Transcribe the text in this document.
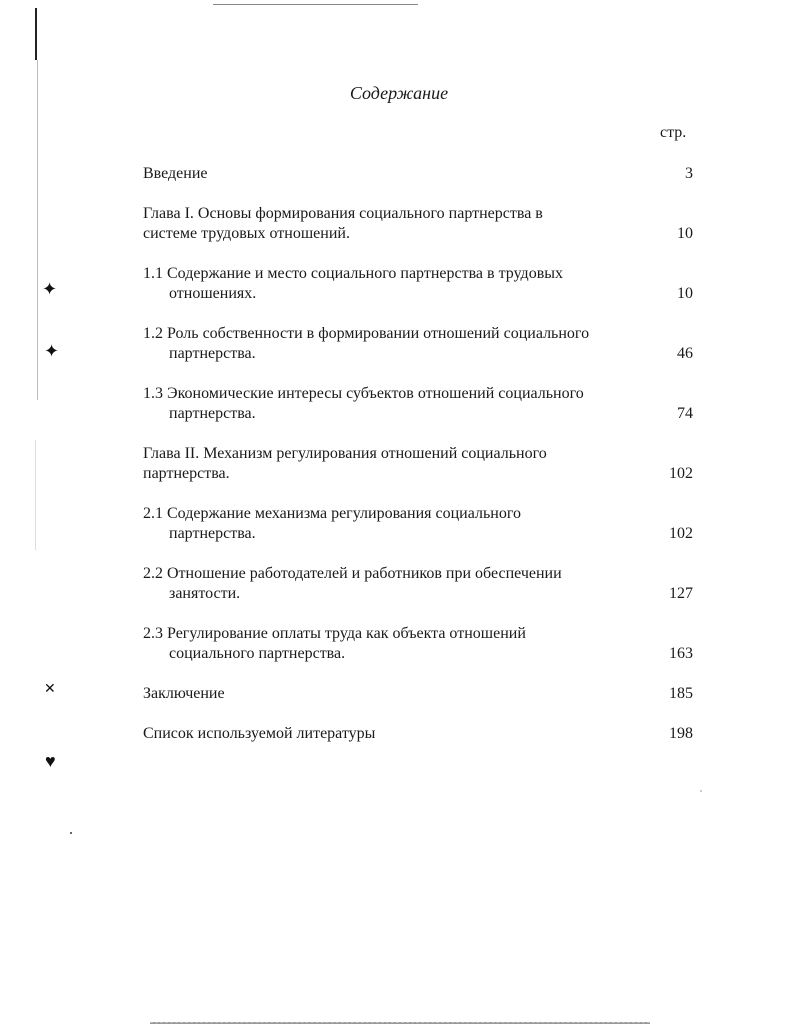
✦
✦
✕
♥
Содержание
стр.
Введение	3
Глава I. Основы формирования социального партнерства в
системе трудовых отношений.	10
1.1 Содержание и место социального партнерства в трудовых
отношениях.	10
1.2 Роль собственности в формировании отношений социального
партнерства.	46
1.3 Экономические интересы субъектов отношений социального
партнерства.	74
Глава II. Механизм регулирования отношений социального
партнерства.	102
2.1 Содержание механизма регулирования социального
партнерства.	102
2.2 Отношение работодателей и работников при обеспечении
занятости.	127
2.3 Регулирование оплаты труда как объекта отношений
социального партнерства.	163
Заключение	185
Список используемой литературы	198
